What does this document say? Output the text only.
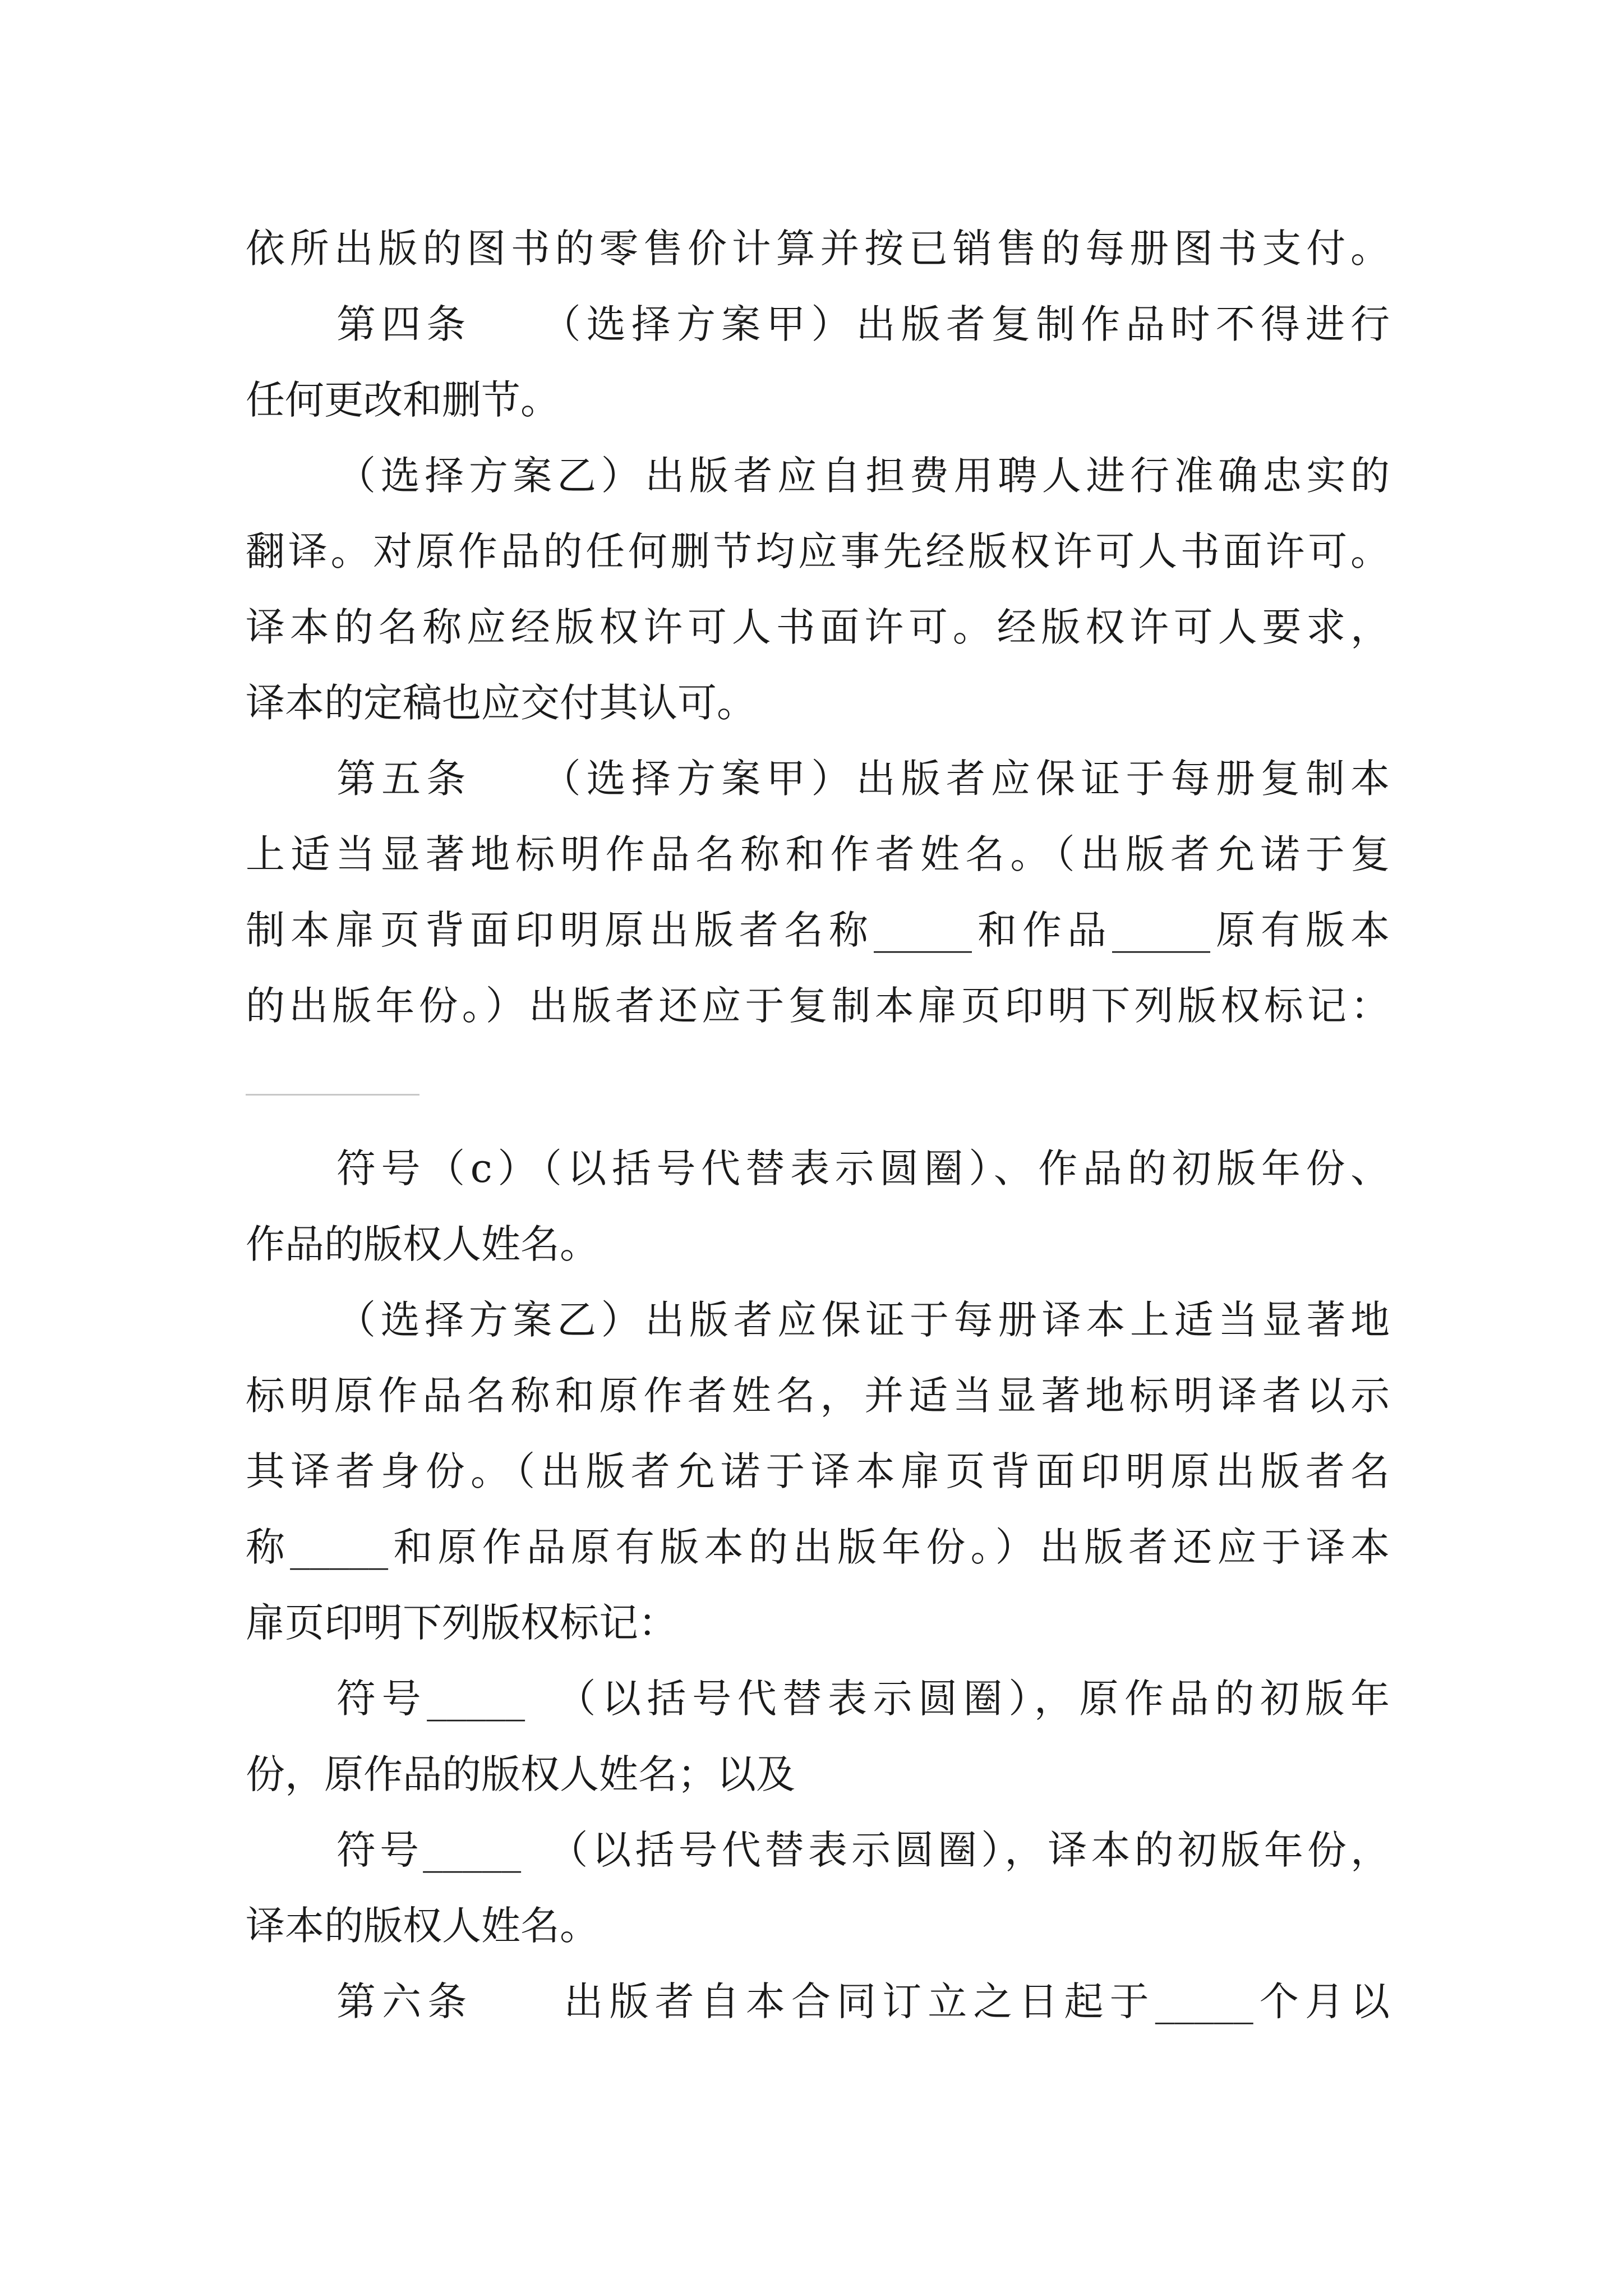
依所出版的图书的零售价计算并按已销售的每册图书支付。
第四条　　（选择方案甲）出版者复制作品时不得进行
任何更改和删节。
（选择方案乙）出版者应自担费用聘人进行准确忠实的
翻译。对原作品的任何删节均应事先经版权许可人书面许可。
译本的名称应经版权许可人书面许可。经版权许可人要求，
译本的定稿也应交付其认可。
第五条　　（选择方案甲）出版者应保证于每册复制本
上适当显著地标明作品名称和作者姓名。（出版者允诺于复
制本扉页背面印明原出版者名称_____和作品_____原有版本
的出版年份。）出版者还应于复制本扉页印明下列版权标记：
符号（c）（以括号代替表示圆圈）、作品的初版年份、
作品的版权人姓名。
（选择方案乙）出版者应保证于每册译本上适当显著地
标明原作品名称和原作者姓名，并适当显著地标明译者以示
其译者身份。（出版者允诺于译本扉页背面印明原出版者名
称_____和原作品原有版本的出版年份。）出版者还应于译本
扉页印明下列版权标记：
符号_____　（以括号代替表示圆圈），原作品的初版年
份，原作品的版权人姓名；以及
符号_____　（以括号代替表示圆圈），译本的初版年份，
译本的版权人姓名。
第六条　　出版者自本合同订立之日起于_____个月以
